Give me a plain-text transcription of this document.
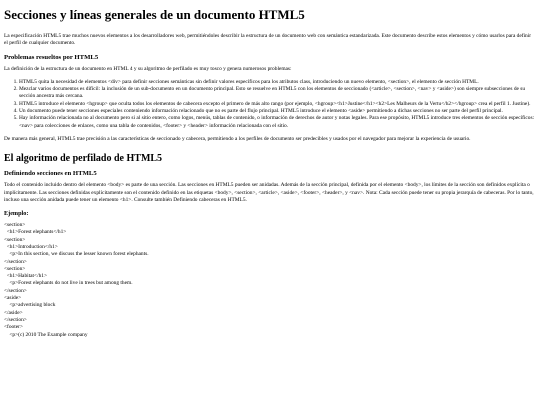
Secciones y líneas generales de un documento HTML5

La especificación HTML5 trae muchos nuevos elementos a los desarrolladores web, permitiéndoles describir la estructura de un documento web con semántica estandarizada. Este documento describe estos elementos y cómo usarlos para definir el perfil de cualquier documento.

Problemas resueltos por HTML5

La definición de la estructura de un documento en HTML 4 y su algoritmo de perfilado es muy tosco y genera numerosos problemas:

1. HTML5 quita la necesidad de elementos <div> para definir secciones semánticas sin definir valores específicos para los atributos class, introduciendo un nuevo elemento, <section>, el elemento de sección HTML.
2. Mezclar varios documentos es difícil: la inclusión de un sub-documento en un documento principal. Esto se resuelve en HTML5 con los elementos de seccionado (<article>, <section>, <nav> y <aside>) son siempre subsecciones de su sección ancestra más cercana.
3. HTML5 introduce el elemento <hgroup> que oculta todos los elementos de cabecera excepto el primero de más alto rango (por ejemplo, <hgroup><h1>Justine</h1><h2>Les Malheurs de la Vertu</h2></hgroup> crea el perfil 1. Justine).
4. Un documento puede tener secciones especiales conteniendo información relacionado que no es parte del flujo principal. HTML5 introduce el elemento <aside> permitiendo a dichas secciones no ser parte del perfil principal.
5. Hay información relacionada no al documento pero si al sitio entero, como logos, menús, tablas de contenido, o información de derechos de autor y notas legales. Para ese propósito, HTML5 introduce tres elementos de sección específicos: <nav> para colecciones de enlaces, como una tabla de contenidos, <footer> y <header> información relacionada con el sitio.

De manera más general, HTML5 trae precisión a las características de seccionado y cabecera, permitiendo a los perfiles de documento ser predecibles y usados por el navegador para mejorar la experiencia de usuario.

El algoritmo de perfilado de HTML5
Definiendo secciones en HTML5

Todo el contenido incluido dentro del elemento <body> es parte de una sección. Las secciones en HTML5 pueden ser anidadas. Además de la sección principal, definida por el elemento <body>, los límites de la sección son definidos explícita o implícitamente. Las secciones definidas explícitamente son el contenido definido en las etiquetas <body>, <section>, <article>, <aside>, <footer>, <header>, y <nav>. Nota: Cada sección puede tener su propia jerarquía de cabeceras. Por lo tanto, incluso una sección anidada puede tener un elemento <h1>. Consulte también Definiendo cabeceras en HTML5.

Ejemplo:
<section>
<h1>Forest elephants</h1>
<section>
<h1>Introduction</h1>
<p>In this section, we discuss the lesser known forest elephants.
</section>
<section>
<h1>Habitat</h1>
<p>Forest elephants do not live in trees but among them.
</section>
<aside>
<p>advertising block
</aside>
</section>
<footer>
<p>(c) 2010 The Example company
